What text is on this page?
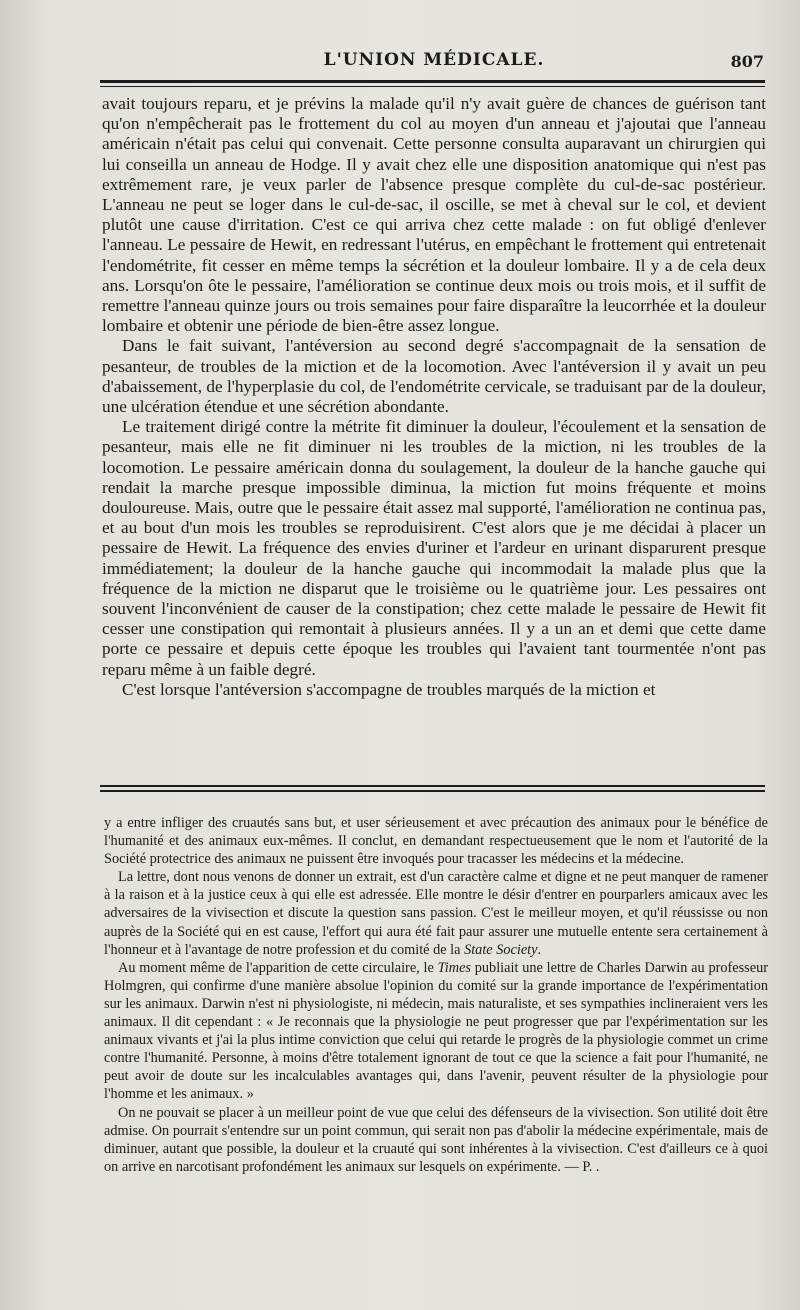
L'UNION MÉDICALE.	807

avait toujours reparu, et je prévins la malade qu'il n'y avait guère de chances de guérison tant qu'on n'empêcherait pas le frottement du col au moyen d'un anneau et j'ajoutai que l'anneau américain n'était pas celui qui convenait. Cette personne consulta auparavant un chirurgien qui lui conseilla un anneau de Hodge. Il y avait chez elle une disposition anatomique qui n'est pas extrêmement rare, je veux parler de l'absence presque complète du cul-de-sac postérieur. L'anneau ne peut se loger dans le cul-de-sac, il oscille, se met à cheval sur le col, et devient plutôt une cause d'irritation. C'est ce qui arriva chez cette malade : on fut obligé d'enlever l'anneau. Le pessaire de Hewit, en redressant l'utérus, en empêchant le frottement qui entretenait l'endométrite, fit cesser en même temps la sécrétion et la douleur lombaire. Il y a de cela deux ans. Lorsqu'on ôte le pessaire, l'amélioration se continue deux mois ou trois mois, et il suffit de remettre l'anneau quinze jours ou trois semaines pour faire disparaître la leucorrhée et la douleur lombaire et obtenir une période de bien-être assez longue.

Dans le fait suivant, l'antéversion au second degré s'accompagnait de la sensation de pesanteur, de troubles de la miction et de la locomotion. Avec l'antéversion il y avait un peu d'abaissement, de l'hyperplasie du col, de l'endométrite cervicale, se traduisant par de la douleur, une ulcération étendue et une sécrétion abondante.

Le traitement dirigé contre la métrite fit diminuer la douleur, l'écoulement et la sensation de pesanteur, mais elle ne fit diminuer ni les troubles de la miction, ni les troubles de la locomotion. Le pessaire américain donna du soulagement, la douleur de la hanche gauche qui rendait la marche presque impossible diminua, la miction fut moins fréquente et moins douloureuse. Mais, outre que le pessaire était assez mal supporté, l'amélioration ne continua pas, et au bout d'un mois les troubles se reproduisirent. C'est alors que je me décidai à placer un pessaire de Hewit. La fréquence des envies d'uriner et l'ardeur en urinant disparurent presque immédiatement; la douleur de la hanche gauche qui incommodait la malade plus que la fréquence de la miction ne disparut que le troisième ou le quatrième jour. Les pessaires ont souvent l'inconvénient de causer de la constipation; chez cette malade le pessaire de Hewit fit cesser une constipation qui remontait à plusieurs années. Il y a un an et demi que cette dame porte ce pessaire et depuis cette époque les troubles qui l'avaient tant tourmentée n'ont pas reparu même à un faible degré.

C'est lorsque l'antéversion s'accompagne de troubles marqués de la miction et

y a entre infliger des cruautés sans but, et user sérieusement et avec précaution des animaux pour le bénéfice de l'humanité et des animaux eux-mêmes. Il conclut, en demandant respectueusement que le nom et l'autorité de la Société protectrice des animaux ne puissent être invoqués pour tracasser les médecins et la médecine.

La lettre, dont nous venons de donner un extrait, est d'un caractère calme et digne et ne peut manquer de ramener à la raison et à la justice ceux à qui elle est adressée. Elle montre le désir d'entrer en pourparlers amicaux avec les adversaires de la vivisection et discute la question sans passion. C'est le meilleur moyen, et qu'il réussisse ou non auprès de la Société qui en est cause, l'effort qui aura été fait paur assurer une mutuelle entente sera certainement à l'honneur et à l'avantage de notre profession et du comité de la State Society.

Au moment même de l'apparition de cette circulaire, le Times publiait une lettre de Charles Darwin au professeur Holmgren, qui confirme d'une manière absolue l'opinion du comité sur la grande importance de l'expérimentation sur les animaux. Darwin n'est ni physiologiste, ni médecin, mais naturaliste, et ses sympathies inclineraient vers les animaux. Il dit cependant : « Je reconnais que la physiologie ne peut progresser que par l'expérimentation sur les animaux vivants et j'ai la plus intime conviction que celui qui retarde le progrès de la physiologie commet un crime contre l'humanité. Personne, à moins d'être totalement ignorant de tout ce que la science a fait pour l'humanité, ne peut avoir de doute sur les incalculables avantages qui, dans l'avenir, peuvent résulter de la physiologie pour l'homme et les animaux. »

On ne pouvait se placer à un meilleur point de vue que celui des défenseurs de la vivisection. Son utilité doit être admise. On pourrait s'entendre sur un point commun, qui serait non pas d'abolir la médecine expérimentale, mais de diminuer, autant que possible, la douleur et la cruauté qui sont inhérentes à la vivisection. C'est d'ailleurs ce à quoi on arrive en narcotisant profondément les animaux sur lesquels on expérimente. — P. .
